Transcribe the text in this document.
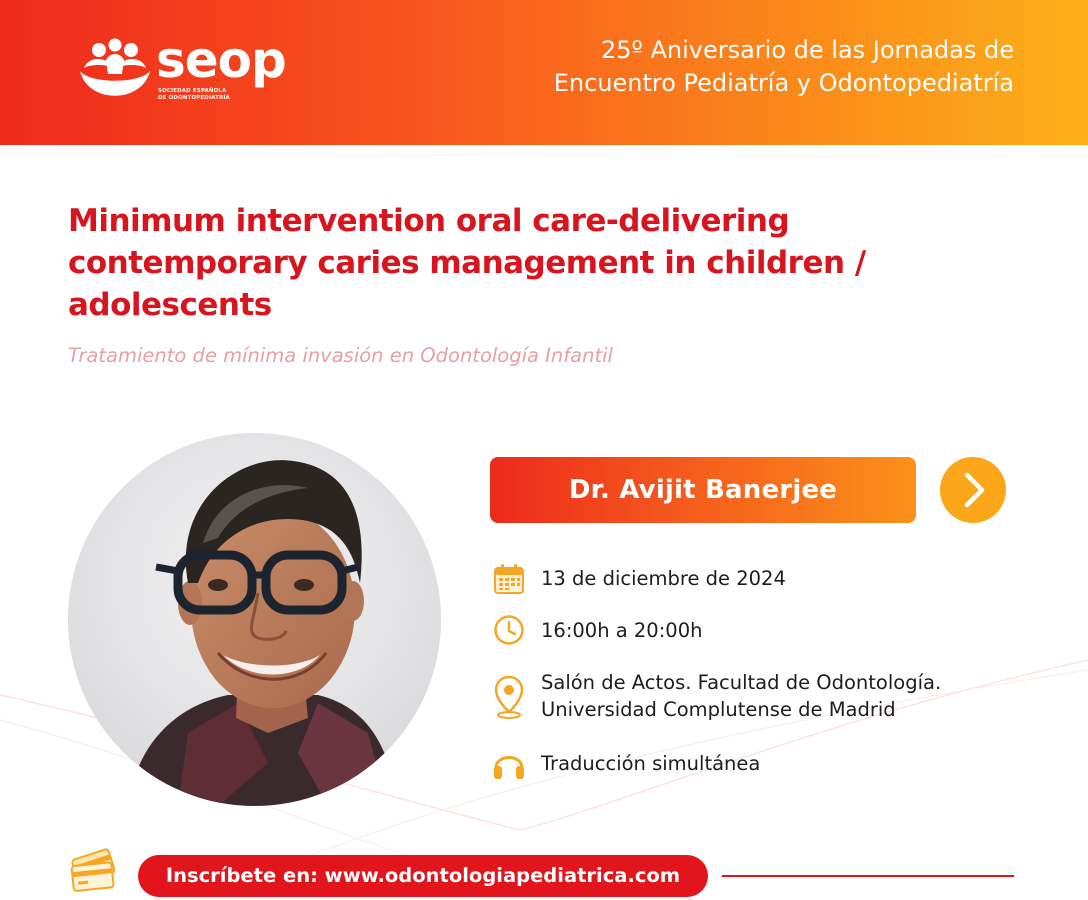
seop
SOCIEDAD ESPAÑOLA
DE ODONTOPEDIATRÍA
25º Aniversario de las Jornadas de
Encuentro Pediatría y Odontopediatría
Minimum intervention oral care-delivering
contemporary caries management in children /
adolescents
Tratamiento de mínima invasión en Odontología Infantil
Dr. Avijit Banerjee
13 de diciembre de 2024
16:00h a 20:00h
Salón de Actos. Facultad de Odontología.
Universidad Complutense de Madrid
Traducción simultánea
Inscríbete en: www.odontologiapediatrica.com
